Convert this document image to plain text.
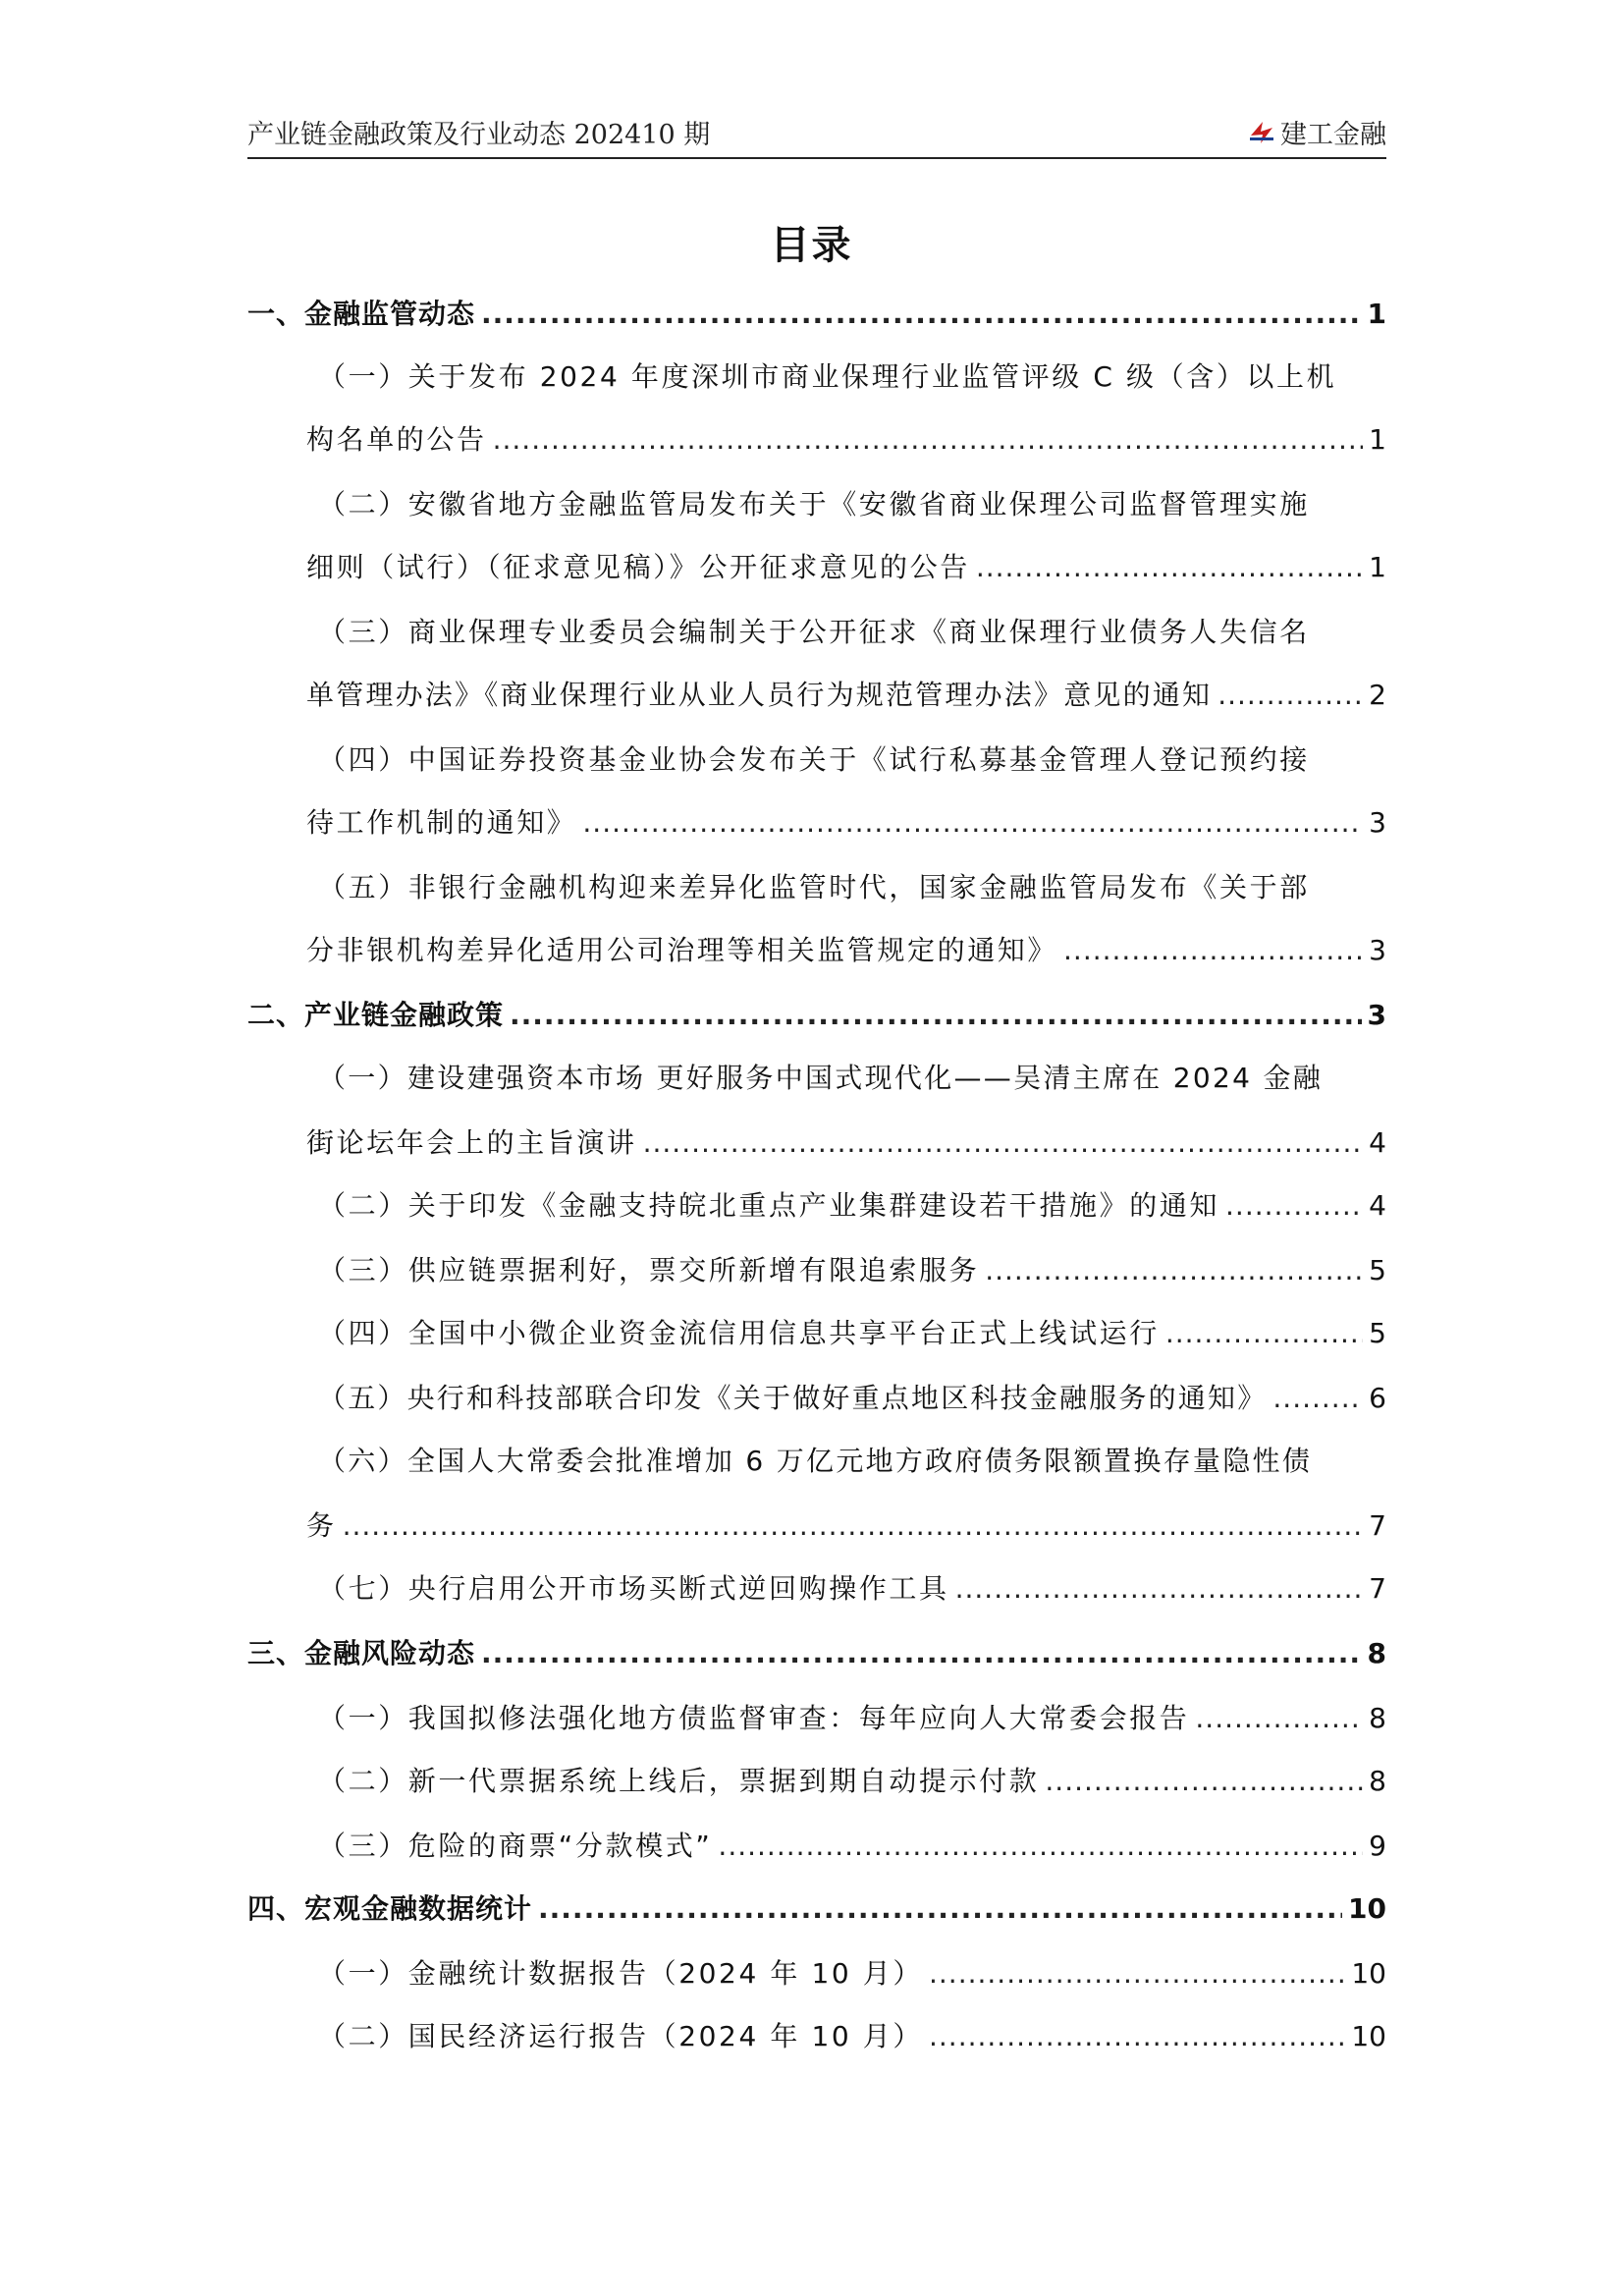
产业链金融政策及行业动态 202410 期	建工金融
目录
一、金融监管动态 .....	1
（一）关于发布 2024 年度深圳市商业保理行业监管评级 C 级（含）以上机
构名单的公告 .....	1
（二）安徽省地方金融监管局发布关于《安徽省商业保理公司监督管理实施
细则（试行）（征求意见稿）》公开征求意见的公告 .....	1
（三）商业保理专业委员会编制关于公开征求《商业保理行业债务人失信名
单管理办法》《商业保理行业从业人员行为规范管理办法》意见的通知 .....	2
（四）中国证券投资基金业协会发布关于《试行私募基金管理人登记预约接
待工作机制的通知》 .....	3
（五）非银行金融机构迎来差异化监管时代，国家金融监管局发布《关于部
分非银机构差异化适用公司治理等相关监管规定的通知》 .....	3
二、产业链金融政策 .....	3
（一）建设建强资本市场 更好服务中国式现代化——吴清主席在 2024 金融
街论坛年会上的主旨演讲 .....	4
（二）关于印发《金融支持皖北重点产业集群建设若干措施》的通知 .....	4
（三）供应链票据利好，票交所新增有限追索服务 .....	5
（四）全国中小微企业资金流信用信息共享平台正式上线试运行 .....	5
（五）央行和科技部联合印发《关于做好重点地区科技金融服务的通知》 .....	6
（六）全国人大常委会批准增加 6 万亿元地方政府债务限额置换存量隐性债
务 .....	7
（七）央行启用公开市场买断式逆回购操作工具 .....	7
三、金融风险动态 .....	8
（一）我国拟修法强化地方债监督审查：每年应向人大常委会报告 .....	8
（二）新一代票据系统上线后，票据到期自动提示付款 .....	8
（三）危险的商票“分款模式” .....	9
四、宏观金融数据统计 .....	10
（一）金融统计数据报告（2024 年 10 月） .....	10
（二）国民经济运行报告（2024 年 10 月） .....	10
